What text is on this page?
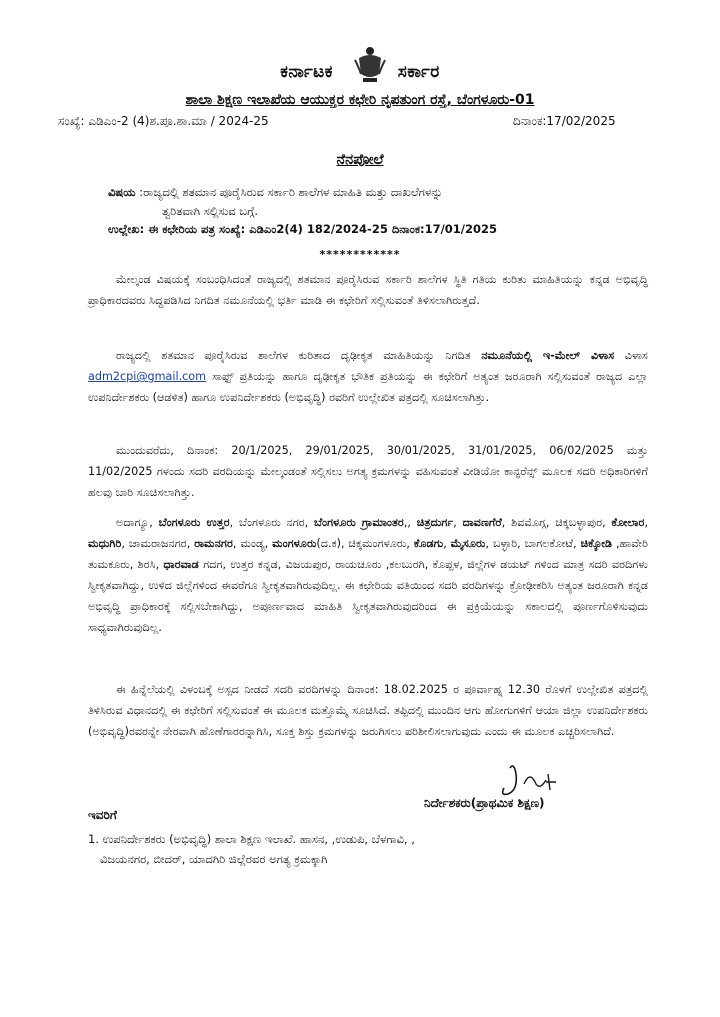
ಕರ್ನಾಟಕ	ಸರ್ಕಾರ
ಶಾಲಾ ಶಿಕ್ಷಣ ಇಲಾಖೆಯ ಆಯುಕ್ತರ ಕಛೇರಿ ನೃಪತುಂಗ ರಸ್ತೆ, ಬೆಂಗಳೂರು-01
ಸಂಖ್ಯೆ: ಎಡಿಎಂ-2 (4)ಶ.ಪೂ.ಶಾ.ಮಾ / 2024-25	ದಿನಾಂಕ:17/02/2025
ನೆನಪೋಲೆ
ವಿಷಯ :ರಾಜ್ಯದಲ್ಲಿ ಶತಮಾನ ಪೂರೈಸಿರುವ ಸರ್ಕಾರಿ ಶಾಲೆಗಳ ಮಾಹಿತಿ ಮತ್ತು ದಾಖಲೆಗಳನ್ನು
ತ್ವರಿತವಾಗಿ ಸಲ್ಲಿಸುವ ಬಗ್ಗೆ.
ಉಲ್ಲೇಖ: ಈ ಕಛೇರಿಯ ಪತ್ರ ಸಂಖ್ಯೆ: ಎಡಿಎಂ2(4) 182/2024-25 ದಿನಾಂಕ:17/01/2025
************
ಮೇಲ್ಕಂಡ ವಿಷಯಕ್ಕೆ ಸಂಬಂಧಿಸಿದಂತೆ ರಾಜ್ಯದಲ್ಲಿ ಶತಮಾನ ಪೂರೈಸಿರುವ ಸರ್ಕಾರಿ ಶಾಲೆಗಳ ಸ್ಥಿತಿ ಗತಿಯ ಕುರಿತು ಮಾಹಿತಿಯನ್ನು ಕನ್ನಡ ಅಭಿವೃದ್ಧಿ ಪ್ರಾಧಿಕಾರದವರು ಸಿದ್ದಪಡಿಸಿದ ನಿಗದಿತ ನಮೂನೆಯಲ್ಲಿ ಭರ್ತಿ ಮಾಡಿ ಈ ಕಛೇರಿಗೆ ಸಲ್ಲಿಸುವಂತೆ ತಿಳಿಸಲಾಗಿರುತ್ತದೆ.
ರಾಜ್ಯದಲ್ಲಿ ಶತಮಾನ ಪೂರೈಸಿರುವ ಶಾಲೆಗಳ ಕುರಿತಾದ ದೃಢೀಕೃತ ಮಾಹಿತಿಯನ್ನು ನಿಗದಿತ ನಮೂನೆಯಲ್ಲಿ ಇ-ಮೇಲ್ ವಿಳಾಸ ವಿಳಾಸ adm2cpi@gmail.com ಸಾಫ್ಟ್ ಪ್ರತಿಯನ್ನು ಹಾಗೂ ದೃಢೀಕೃತ ಭೌತಿಕ ಪ್ರತಿಯನ್ನು ಈ ಕಛೇರಿಗೆ ಅತ್ಯಂತ ಜರೂರಾಗಿ ಸಲ್ಲಿಸುವಂತೆ ರಾಜ್ಯದ ಎಲ್ಲಾ ಉಪನಿರ್ದೇಶಕರು (ಆಡಳಿತ) ಹಾಗೂ ಉಪನಿರ್ದೇಶಕರು (ಅಭಿವೃದ್ಧಿ) ರವರಿಗೆ ಉಲ್ಲೇಖಿತ ಪತ್ರದಲ್ಲಿ ಸೂಚಿಸಲಾಗಿತ್ತು.
ಮುಂದುವರೆದು, ದಿನಾಂಕ: 20/1/2025, 29/01/2025, 30/01/2025, 31/01/2025, 06/02/2025 ಮತ್ತು 11/02/2025 ಗಳಂದು ಸದರಿ ವರದಿಯನ್ನು ಮೇಲ್ಕಂಡಂತೆ ಸಲ್ಲಿಸಲು ಅಗತ್ಯ ಕ್ರಮಗಳನ್ನು ವಹಿಸುವಂತೆ ವೀಡಿಯೋ ಕಾನ್ಫರೆನ್ಸ್ ಮೂಲಕ ಸದರಿ ಅಧಿಕಾರಿಗಳಿಗೆ ಹಲವು ಬಾರಿ ಸೂಚಿಸಲಾಗಿತ್ತು.
ಅದಾಗ್ಯೂ, ಬೆಂಗಳೂರು ಉತ್ತರ, ಬೆಂಗಳೂರು ನಗರ, ಬೆಂಗಳೂರು ಗ್ರಾಮಾಂತರ,, ಚಿತ್ರದುರ್ಗ, ದಾವಣಗೆರೆ, ಶಿವಮೊಗ್ಗ, ಚಿಕ್ಕಬಳ್ಳಾಪುರ, ಕೋಲಾರ, ಮಧುಗಿರಿ, ಚಾಮರಾಜನಗರ, ರಾಮನಗರ, ಮಂಡ್ಯ, ಮಂಗಳೂರು(ದ.ಕ), ಚಿಕ್ಕಮಂಗಳೂರು, ಕೊಡಗು, ಮೈಸೂರು, ಬಳ್ಳಾರಿ, ಬಾಗಲಕೋಟೆ, ಚಿಕ್ಕೋಡಿ ,ಹಾವೇರಿ ತುಮಕೂರು, ಶಿರಸಿ, ಧಾರವಾಡ ಗದಗ, ಉತ್ತರ ಕನ್ನಡ, ವಿಜಯಪುರ, ರಾಯಚೂರು ,ಕಲಬುರಗಿ, ಕೊಪ್ಪಳ, ಜಿಲ್ಲೆಗಳ ಡಯಟ್ ಗಳಿಂದ ಮಾತ್ರ ಸದರಿ ವರದಿಗಳು ಸ್ವೀಕೃತವಾಗಿದ್ದು, ಉಳಿದ ಜಿಲ್ಲೆಗಳಿಂದ ಈವರೆಗೂ ಸ್ವೀಕೃತವಾಗಿರುವುದಿಲ್ಲ. ಈ ಕಛೇರಿಯ ವತಿಯಿಂದ ಸದರಿ ವರದಿಗಳನ್ನು ಕ್ರೋಢೀಕರಿಸಿ ಅತ್ಯಂತ ಜರೂರಾಗಿ ಕನ್ನಡ ಅಭಿವೃದ್ಧಿ ಪ್ರಾಧಿಕಾರಕ್ಕೆ ಸಲ್ಲಿಸಬೇಕಾಗಿದ್ದು, ಅಪೂರ್ಣವಾದ ಮಾಹಿತಿ ಸ್ವೀಕೃತವಾಗಿರುವುದರಿಂದ ಈ ಪ್ರಕ್ರಿಯೆಯನ್ನು ಸಕಾಲದಲ್ಲಿ ಪೂರ್ಣಗೊಳಿಸುವುದು ಸಾಧ್ಯವಾಗಿರುವುದಿಲ್ಲ.
ಈ ಹಿನ್ನೆಲೆಯಲ್ಲಿ ವಿಳಂಬಕ್ಕೆ ಅಸ್ಪದ ನೀಡದೆ ಸದರಿ ವರದಿಗಳನ್ನು ದಿನಾಂಕ: 18.02.2025 ರ ಪೂರ್ವಾಹ್ನ 12.30 ರೊಳಗೆ ಉಲ್ಲೇಖಿತ ಪತ್ರದಲ್ಲಿ ತಿಳಿಸಿರುವ ವಿಧಾನದಲ್ಲಿ ಈ ಕಛೇರಿಗೆ ಸಲ್ಲಿಸುವಂತೆ ಈ ಮೂಲಕ ಮತ್ತೊಮ್ಮೆ ಸೂಚಿಸಿದೆ. ತಪ್ಪಿದಲ್ಲಿ ಮುಂದಿನ ಆಗು ಹೋಗುಗಳಿಗೆ ಆಯಾ ಜಿಲ್ಲಾ ಉಪನಿರ್ದೇಶಕರು (ಅಭಿವೃದ್ಧಿ)ರವರನ್ನೇ ನೇರವಾಗಿ ಹೊಣೆಗಾರರನ್ನಾಗಿಸಿ, ಸೂಕ್ತ ಶಿಸ್ತು ಕ್ರಮಗಳನ್ನು ಜರುಗಿಸಲು ಪರಿಶೀಲಿಸಲಾಗುವುದು ಎಂದು ಈ ಮೂಲಕ ಎಚ್ಚರಿಸಲಾಗಿದೆ.
ನಿರ್ದೇಶಕರು(ಪ್ರಾಥಮಿಕ ಶಿಕ್ಷಣ)
ಇವರಿಗೆ
1. ಉಪನಿರ್ದೇಶಕರು (ಅಭಿವೃದ್ಧಿ) ಶಾಲಾ ಶಿಕ್ಷಣ ಇಲಾಖೆ. ಹಾಸನ, ,ಉಡುಪಿ, ಬೆಳಗಾವಿ, ,
ವಿಜಯನಗರ, ಬೀದರ್, ಯಾದಗಿರಿ ಜಿಲ್ಲೆರವರ ಅಗತ್ಯ ಕ್ರಮಕ್ಕಾಗಿ
